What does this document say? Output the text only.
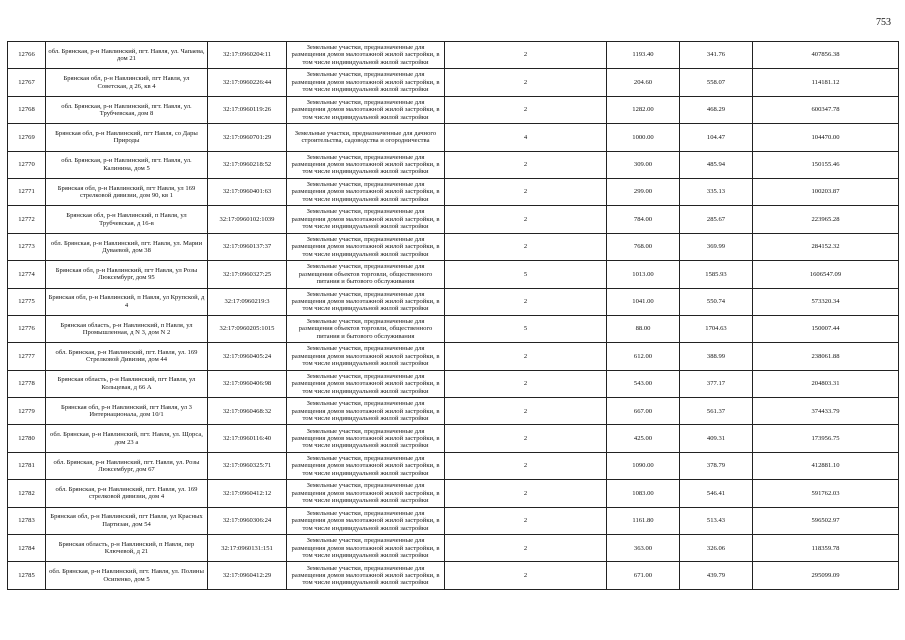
753
12766	обл. Брянская, р-н Навлинский, пгт. Навля, ул. Чапаева, дом 21	32:17:0960204:11	Земельные участки, предназначенные для размещения домов малоэтажной жилой застройки, в том числе индивидуальной жилой застройки	2	1193.40	341.76	407856.38
12767	Брянская обл, р-н Навлинский, пгт Навля, ул Советская, д 26, кв 4	32:17:0960226:44	Земельные участки, предназначенные для размещения домов малоэтажной жилой застройки, в том числе индивидуальной жилой застройки	2	204.60	558.07	114181.12
12768	обл. Брянская, р-н Навлинский, пгт. Навля, ул. Трубчевская, дом 8	32:17:0960119:26	Земельные участки, предназначенные для размещения домов малоэтажной жилой застройки, в том числе индивидуальной жилой застройки	2	1282.00	468.29	600347.78
12769	Брянская обл, р-н Навлинский, пгт Навля, сo Дары Природы	32:17:0960701:29	Земельные участки, предназначенные для дачного строительства, садоводства и огородничества	4	1000.00	104.47	104470.00
12770	обл. Брянская, р-н Навлинский, пгт. Навля, ул. Калинина, дом 5	32:17:0960218:52	Земельные участки, предназначенные для размещения домов малоэтажной жилой застройки, в том числе индивидуальной жилой застройки	2	309.00	485.94	150155.46
12771	Брянская обл, р-н Навлинский, пгт Навля, ул 169 стрелковой дивизии, дом 90, кв 1	32:17:0960401:63	Земельные участки, предназначенные для размещения домов малоэтажной жилой застройки, в том числе индивидуальной жилой застройки	2	299.00	335.13	100203.87
12772	Брянская обл, р-н Навлинский, п Навля, ул Трубчевская, д 16-в	32:17:0960102:1039	Земельные участки, предназначенные для размещения домов малоэтажной жилой застройки, в том числе индивидуальной жилой застройки	2	784.00	285.67	223965.28
12773	обл. Брянская, р-н Навлинский, пгт. Навля, ул. Марии Дуваевой, дом 38	32:17:0960137:37	Земельные участки, предназначенные для размещения домов малоэтажной жилой застройки, в том числе индивидуальной жилой застройки	2	768.00	369.99	284152.32
12774	Брянская обл, р-н Навлинский, пгт Навля, ул Розы Люксембург, дом 95	32:17:0960327:25	Земельные участки, предназначенные для размещения объектов торговли, общественного питания и бытового обслуживания	5	1013.00	1585.93	1606547.09
12775	Брянская обл, р-н Навлинский, п Навля, ул Крупской, д 4	32:17:0960219:3	Земельные участки, предназначенные для размещения домов малоэтажной жилой застройки, в том числе индивидуальной жилой застройки	2	1041.00	550.74	573320.34
12776	Брянская область, р-н Навлинский, п Навля, ул Промышленная, д N 3, дом N 2	32:17:0960205:1015	Земельные участки, предназначенные для размещения объектов торговли, общественного питания и бытового обслуживания	5	88.00	1704.63	150007.44
12777	обл. Брянская, р-н Навлинский, пгт. Навля, ул. 169 Стрелковой Дивизии, дом 44	32:17:0960405:24	Земельные участки, предназначенные для размещения домов малоэтажной жилой застройки, в том числе индивидуальной жилой застройки	2	612.00	388.99	238061.88
12778	Брянская область, р-н Навлинский, пгт Навля, ул Кольцевая, д 66 А	32:17:0960406:98	Земельные участки, предназначенные для размещения домов малоэтажной жилой застройки, в том числе индивидуальной жилой застройки	2	543.00	377.17	204803.31
12779	Брянская обл, р-н Навлинский, пгт Навля, ул 3 Интернационала, дом 10/1	32:17:0960468:32	Земельные участки, предназначенные для размещения домов малоэтажной жилой застройки, в том числе индивидуальной жилой застройки	2	667.00	561.37	374433.79
12780	обл. Брянская, р-н Навлинский, пгт. Навля, ул. Щорса, дом 23 а	32:17:0960116:40	Земельные участки, предназначенные для размещения домов малоэтажной жилой застройки, в том числе индивидуальной жилой застройки	2	425.00	409.31	173956.75
12781	обл. Брянская, р-н Навлинский, пгт. Навля, ул. Розы Люксембург, дом 67	32:17:0960325:71	Земельные участки, предназначенные для размещения домов малоэтажной жилой застройки, в том числе индивидуальной жилой застройки	2	1090.00	378.79	412881.10
12782	обл. Брянская, р-н Навлинский, пгт. Навля, ул. 169 стрелковой дивизии, дом 4	32:17:0960412:12	Земельные участки, предназначенные для размещения домов малоэтажной жилой застройки, в том числе индивидуальной жилой застройки	2	1083.00	546.41	591762.03
12783	Брянская обл, р-н Навлинский, пгт Навля, ул Красных Партизан, дом 54	32:17:0960306:24	Земельные участки, предназначенные для размещения домов малоэтажной жилой застройки, в том числе индивидуальной жилой застройки	2	1161.80	513.43	596502.97
12784	Брянская область, р-н Навлинский, п Навля, пер Ключевой, д 21	32:17:0960131:151	Земельные участки, предназначенные для размещения домов малоэтажной жилой застройки, в том числе индивидуальной жилой застройки	2	363.00	326.06	118359.78
12785	обл. Брянская, р-н Навлинский, пгт. Навля, ул. Полины Осипенко, дом 5	32:17:0960412:29	Земельные участки, предназначенные для размещения домов малоэтажной жилой застройки, в том числе индивидуальной жилой застройки	2	671.00	439.79	295099.09
